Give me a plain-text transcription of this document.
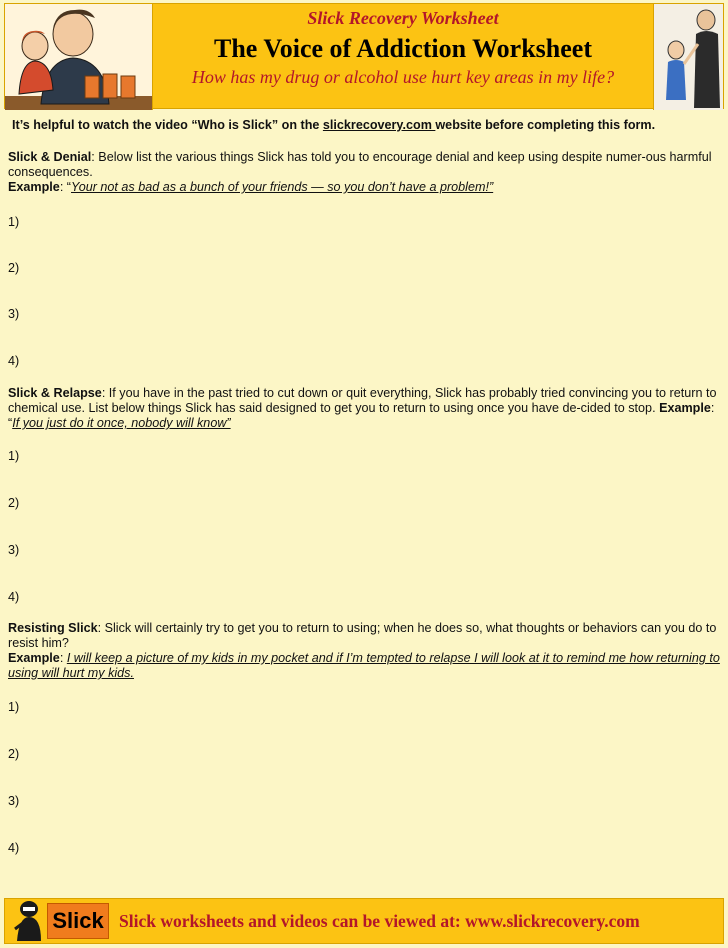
Slick Recovery Worksheet
The Voice of Addiction Worksheet
How has my drug or alcohol use hurt key areas in my life?
It’s helpful to watch the video “Who is Slick” on the slickrecovery.com website before completing this form.
Slick & Denial: Below list the various things Slick has told you to encourage denial and keep using despite numer-ous harmful consequences.
Example: “Your not as bad as a bunch of your friends — so you don’t have a problem!”
1)
2)
3)
4)
Slick & Relapse: If you have in the past tried to cut down or quit everything, Slick has probably tried convincing you to return to chemical use. List below things Slick has said designed to get you to return to using once you have de-cided to stop. Example: “If you just do it once, nobody will know”
1)
2)
3)
4)
Resisting Slick: Slick will certainly try to get you to return to using; when he does so, what thoughts or behaviors can you do to resist him?
Example: I will keep a picture of my kids in my pocket and if I’m tempted to relapse I will look at it to remind me how returning to using will hurt my kids.
1)
2)
3)
4)
Slick Slick worksheets and videos can be viewed at: www.slickrecovery.com
